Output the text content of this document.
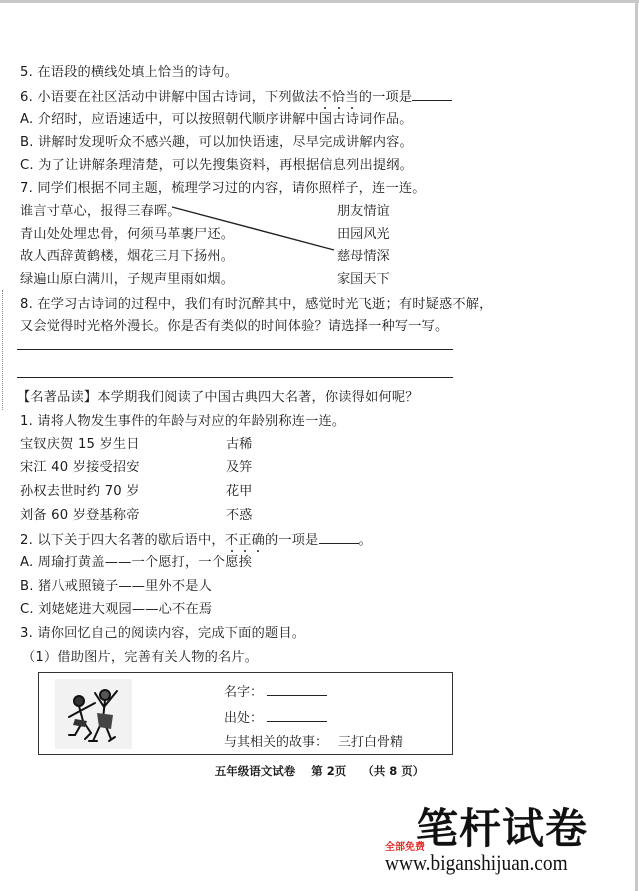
5. 在语段的横线处填上恰当的诗句。
6. 小语要在社区活动中讲解中国古诗词，下列做法不恰当的一项是
A. 介绍时，应语速适中，可以按照朝代顺序讲解中国古诗词作品。
B. 讲解时发现听众不感兴趣，可以加快语速，尽早完成讲解内容。
C. 为了让讲解条理清楚，可以先搜集资料，再根据信息列出提纲。
7. 同学们根据不同主题，梳理学习过的内容，请你照样子，连一连。
谁言寸草心，报得三春晖。
青山处处埋忠骨，何须马革裹尸还。
故人西辞黄鹤楼，烟花三月下扬州。
绿遍山原白满川，子规声里雨如烟。
朋友情谊
田园风光
慈母情深
家国天下
8. 在学习古诗词的过程中，我们有时沉醉其中，感觉时光飞逝；有时疑惑不解，
又会觉得时光格外漫长。你是否有类似的时间体验？请选择一种写一写。
【名著品读】本学期我们阅读了中国古典四大名著，你读得如何呢？
1. 请将人物发生事件的年龄与对应的年龄别称连一连。
宝钗庆贺 15 岁生日
宋江 40 岁接受招安
孙权去世时约 70 岁
刘备 60 岁登基称帝
古稀
及笄
花甲
不惑
2. 以下关于四大名著的歇后语中，不正确的一项是	。
A. 周瑜打黄盖——一个愿打，一个愿挨
B. 猪八戒照镜子——里外不是人
C. 刘姥姥进大观园——心不在焉
3. 请你回忆自己的阅读内容，完成下面的题目。
（1）借助图片，完善有关人物的名片。
名字：
出处：
与其相关的故事： 三打白骨精
五年级语文试卷    第 2页    （共 8 页）
笔杆试卷
全部免费
www.biganshijuan.com
